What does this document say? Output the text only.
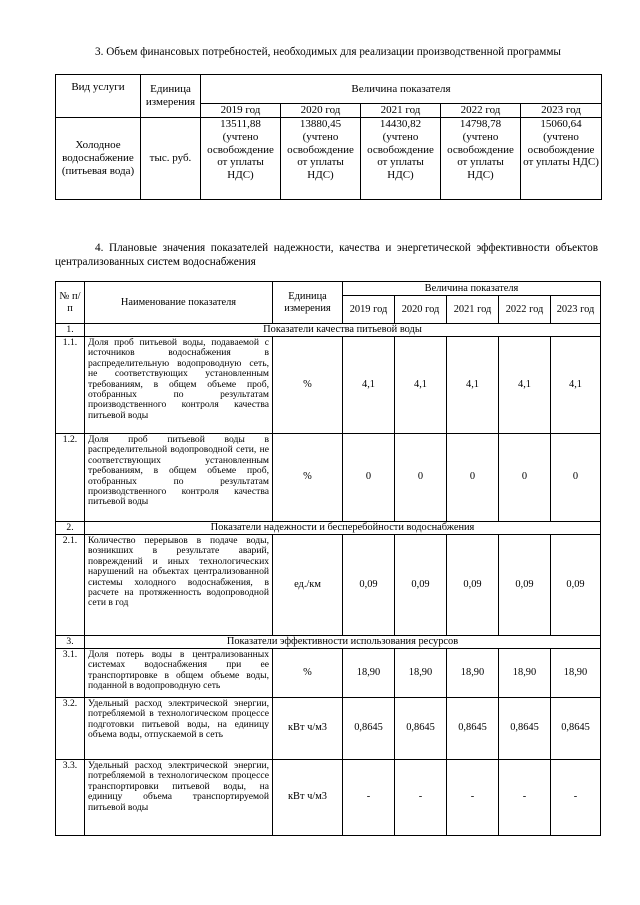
3. Объем финансовых потребностей, необходимых для реализации производственной программы
Вид услуги	Единица измерения	Величина показателя				
		2019 год	2020 год	2021 год	2022 год	2023 год
Холодное водоснабжение (питьевая вода)	тыс. руб.	13511,88 (учтено освобождение от уплаты НДС)	13880,45 (учтено освобождение от уплаты НДС)	14430,82 (учтено освобождение от уплаты НДС)	14798,78 (учтено освобождение от уплаты НДС)	15060,64 (учтено освобождение от уплаты НДС)
4. Плановые значения показателей надежности, качества и энергетической эффективности объектов централизованных систем водоснабжения
№ п/п	Наименование показателя	Единица измерения	Величина показателя				
			2019 год	2020 год	2021 год	2022 год	2023 год
1.	Показатели качества питьевой воды						
1.1.	Доля проб питьевой воды, подаваемой с источников водоснабжения в распределительную водопроводную сеть, не соответствующих установленным требованиям, в общем объеме проб, отобранных по результатам производственного контроля качества питьевой воды	%	4,1	4,1	4,1	4,1	4,1
1.2.	Доля проб питьевой воды в распределительной водопроводной сети, не соответствующих установленным требованиям, в общем объеме проб, отобранных по результатам производственного контроля качества питьевой воды	%	0	0	0	0	0
2.	Показатели надежности и бесперебойности водоснабжения						
2.1.	Количество перерывов в подаче воды, возникших в результате аварий, повреждений и иных технологических нарушений на объектах централизованной системы холодного водоснабжения, в расчете на протяженность водопроводной сети в год	ед./км	0,09	0,09	0,09	0,09	0,09
3.	Показатели эффективности использования ресурсов						
3.1.	Доля потерь воды в централизованных системах водоснабжения при ее транспортировке в общем объеме воды, поданной в водопроводную сеть	%	18,90	18,90	18,90	18,90	18,90
3.2.	Удельный расход электрической энергии, потребляемой в технологическом процессе подготовки питьевой воды, на единицу объема воды, отпускаемой в сеть	кВт ч/м3	0,8645	0,8645	0,8645	0,8645	0,8645
3.3.	Удельный расход электрической энергии, потребляемой в технологическом процессе транспортировки питьевой воды, на единицу объема транспортируемой питьевой воды	кВт ч/м3	-	-	-	-	-
